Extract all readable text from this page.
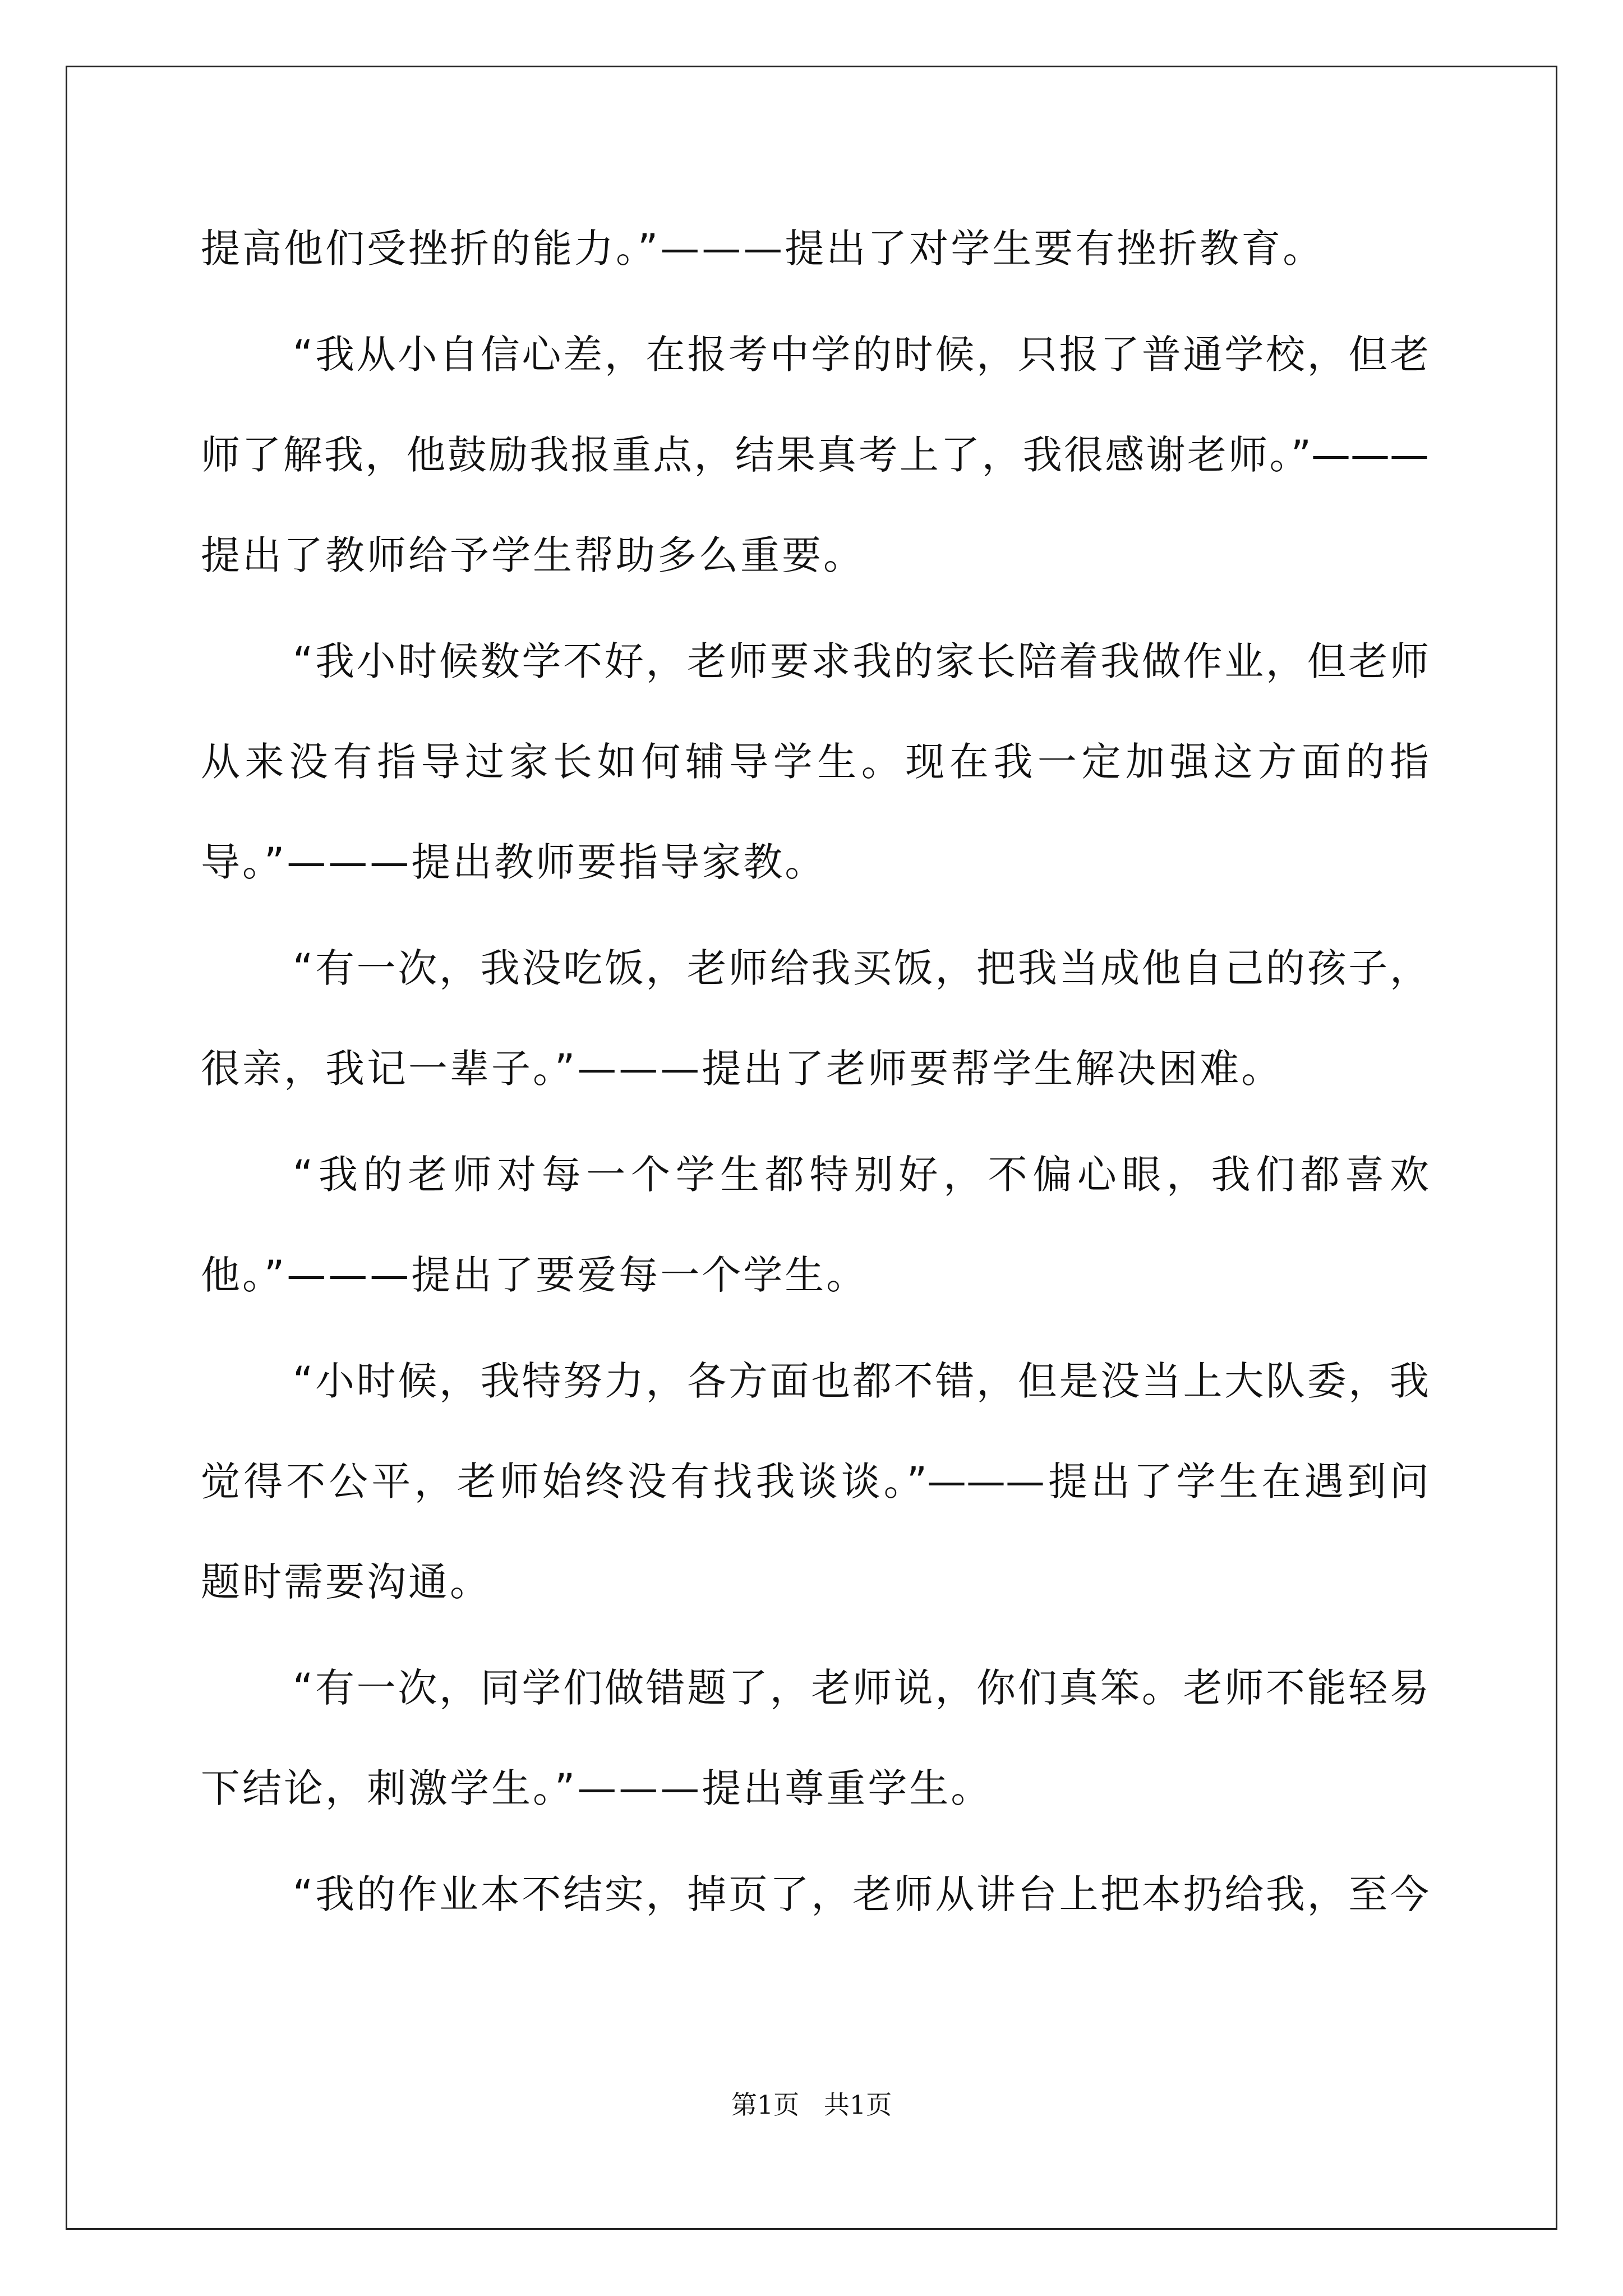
提高他们受挫折的能力。”———提出了对学生要有挫折教育。
“我从小自信心差，在报考中学的时候，只报了普通学校，但老
师了解我，他鼓励我报重点，结果真考上了，我很感谢老师。”———
提出了教师给予学生帮助多么重要。
“我小时候数学不好，老师要求我的家长陪着我做作业，但老师
从来没有指导过家长如何辅导学生。现在我一定加强这方面的指
导。”———提出教师要指导家教。
“有一次，我没吃饭，老师给我买饭，把我当成他自己的孩子，
很亲，我记一辈子。”———提出了老师要帮学生解决困难。
“我的老师对每一个学生都特别好，不偏心眼，我们都喜欢
他。”———提出了要爱每一个学生。
“小时候，我特努力，各方面也都不错，但是没当上大队委，我
觉得不公平，老师始终没有找我谈谈。”———提出了学生在遇到问
题时需要沟通。
“有一次，同学们做错题了，老师说，你们真笨。老师不能轻易
下结论，刺激学生。”———提出尊重学生。
“我的作业本不结实，掉页了，老师从讲台上把本扔给我，至今
第1页   共1页
